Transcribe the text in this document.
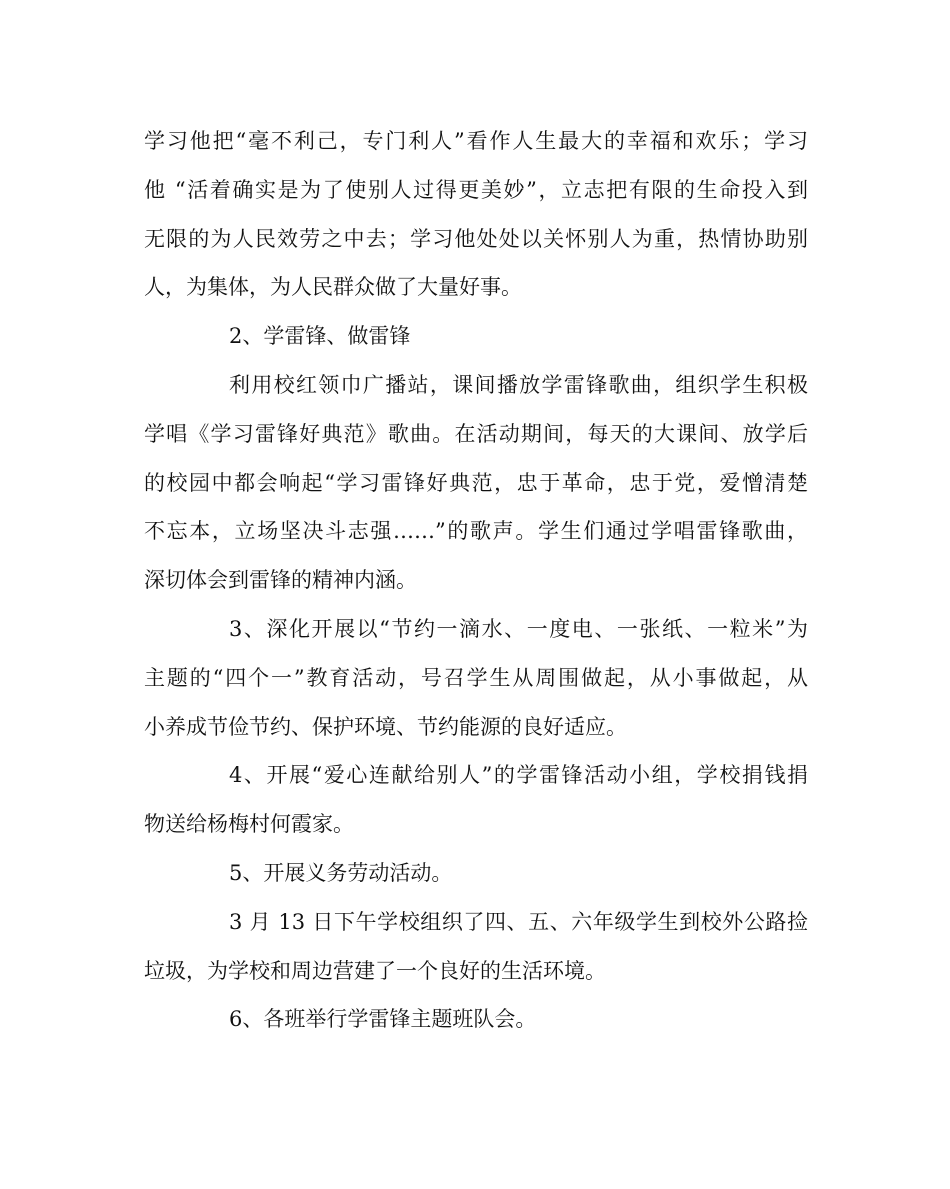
学习他把“毫不利己，专门利人”看作人生最大的幸福和欢乐；学习
他 “活着确实是为了使别人过得更美妙”，立志把有限的生命投入到
无限的为人民效劳之中去；学习他处处以关怀别人为重，热情协助别
人，为集体，为人民群众做了大量好事。
2、学雷锋、做雷锋
利用校红领巾广播站，课间播放学雷锋歌曲，组织学生积极
学唱《学习雷锋好典范》歌曲。在活动期间，每天的大课间、放学后
的校园中都会响起“学习雷锋好典范，忠于革命，忠于党，爱憎清楚
不忘本，立场坚决斗志强……”的歌声。学生们通过学唱雷锋歌曲，
深切体会到雷锋的精神内涵。
3、深化开展以“节约一滴水、一度电、一张纸、一粒米”为
主题的“四个一”教育活动，号召学生从周围做起，从小事做起，从
小养成节俭节约、保护环境、节约能源的良好适应。
4、开展“爱心连献给别人”的学雷锋活动小组，学校捐钱捐
物送给杨梅村何霞家。
5、开展义务劳动活动。
3 月 13 日下午学校组织了四、五、六年级学生到校外公路捡
垃圾，为学校和周边营建了一个良好的生活环境。
6、各班举行学雷锋主题班队会。
